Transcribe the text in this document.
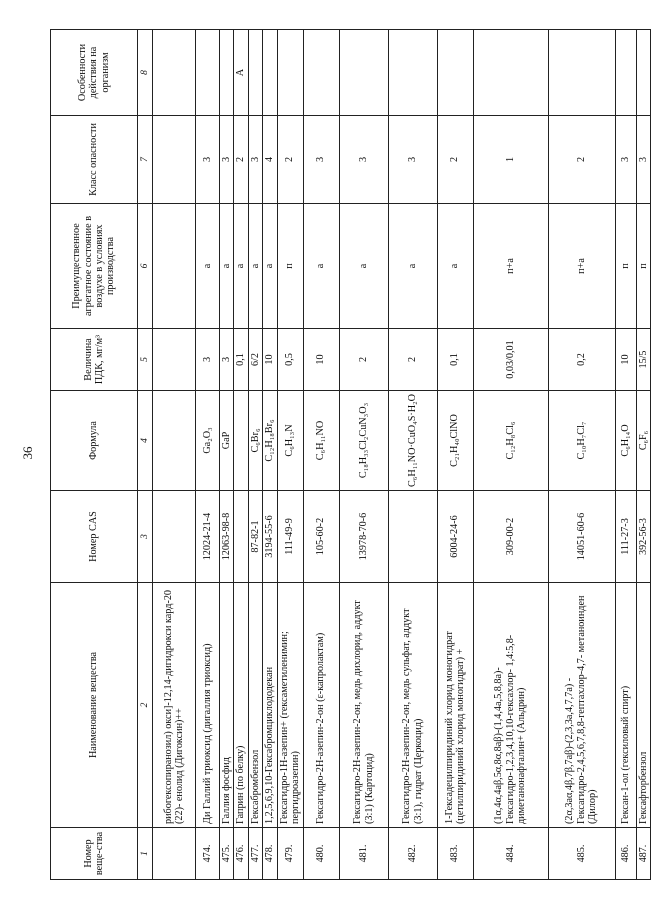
36
Номер веще-ства	Наименование вещества	Номер CAS	Формула	Величина ПДК, мг/м³	Преимущественное агрегатное состояние в воздухе в условиях производства	Класс опасности	Особенности действия на организм
1	2	3	4	5	6	7	8
	рибогексопиранозил) окси]-12,14-дигидрокси кард-20 (22)- енолид (Дигоксин)++						
474.	Ди Галлий триоксид (дигаллия триоксид)	12024-21-4	Ga₂O₃	3	а	3	
475.	Галлия фосфид	12063-98-8	GaP	3	а	3	
476.	Гаприн (по белку)			0,1	а	2	А
477.	Гексабромбензол	87-82-1	C₆Br₆	6/2	а	3	
478.	1,2,5,6,9,10-Гексабромциклододекан	3194-55-6	C₁₂H₁₈Br₆	10	а	4	
479.	Гексагидро-1Н-азепин+ (гексаметиленимин; пергидроазепин)	111-49-9	C₆H₁₃N	0,5	п	2	
480.	Гексагидро-2Н-азепин-2-он (ε-капролактам)	105-60-2	C₆H₁₁NO	10	а	3	
481.	Гексагидро-2Н-азепин-2-он, медь дихлорид, аддукт (3:1) (Картоцид)	13978-70-6	C₁₈H₃₃Cl₂CuN₃O₃	2	а	3	
482.	Гексагидро-2Н-азепин-2-он, медь сульфат, аддукт (3:1), гидрат (Церкоцид)		C₆H₁₁NO·CuO₄S·H₂O	2	а	3	
483.	1-Гексадецилпиридиний хлорид моногидрат (цетилпиридиний хлорид моногидрат) +	6004-24-6	C₂₁H₄₀ClNO	0,1	а	2	
484.	(1α,4α,4аβ,5α,8α,8аβ)-(1,4,4а,5,8,8а)- Гексагидро-1,2,3,4,10,10-гексахлор- 1,4:5,8-диметанонафталин+ (Альдрин)	309-00-2	C₁₂H₈Cl₆	0,03/0,01	п+а	1	
485.	(2α,3аα,4β,7β,7аβ)-(2,3,3а,4,7,7а) - Гексагидро-2,4,5,6,7,8,8-гептахлор-4,7- метаноинден (Дилор)	14051-60-6	C₁₀H₇Cl₇	0,2	п+а	2	
486.	Гексан-1-ол (гексиловый спирт)	111-27-3	C₆H₁₄O	10	п	3	
487.	Гексафторбензол	392-56-3	C₆F₆	15/5	п	3	
